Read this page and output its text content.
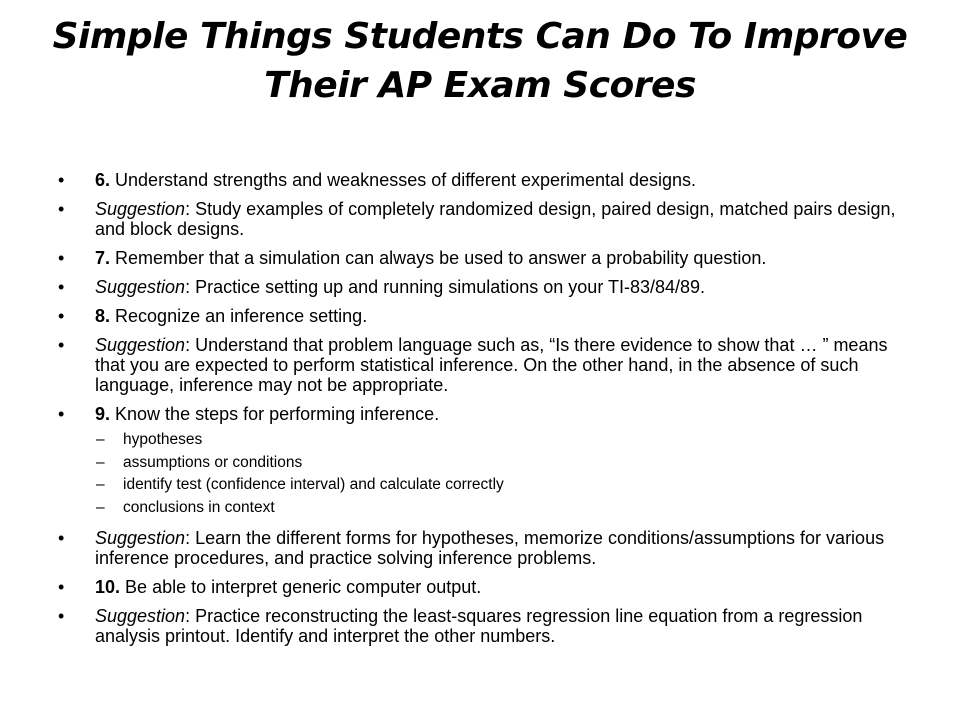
Simple Things Students Can Do To Improve
Their AP Exam Scores
• 6. Understand strengths and weaknesses of different experimental designs.
• Suggestion: Study examples of completely randomized design, paired design, matched pairs design, and block designs.
• 7. Remember that a simulation can always be used to answer a probability question.
• Suggestion: Practice setting up and running simulations on your TI-83/84/89.
• 8. Recognize an inference setting.
• Suggestion: Understand that problem language such as, “Is there evidence to show that … ” means that you are expected to perform statistical inference. On the other hand, in the absence of such language, inference may not be appropriate.
• 9. Know the steps for performing inference.
– hypotheses
– assumptions or conditions
– identify test (confidence interval) and calculate correctly
– conclusions in context
• Suggestion: Learn the different forms for hypotheses, memorize conditions/assumptions for various inference procedures, and practice solving inference problems.
• 10. Be able to interpret generic computer output.
• Suggestion: Practice reconstructing the least-squares regression line equation from a regression analysis printout. Identify and interpret the other numbers.
